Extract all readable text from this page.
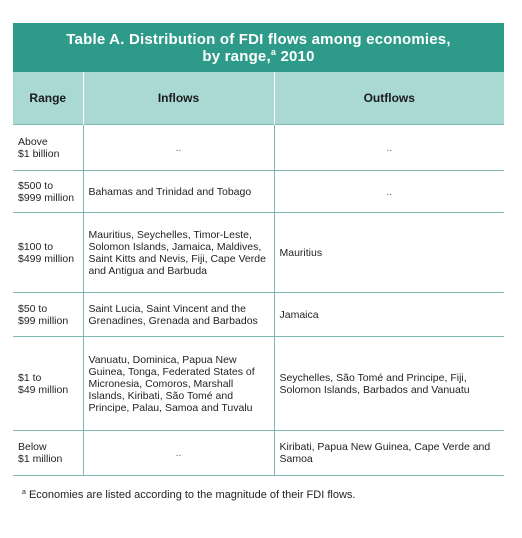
Table A. Distribution of FDI flows among economies,
by range,$^a$ 2010
Range	Inflows	Outflows
Above
$1 billion	..	..
$500 to
$999 million	Bahamas and Trinidad and Tobago	..
$100 to
$499 million	Mauritius, Seychelles, Timor-Leste, Solomon Islands, Jamaica, Maldives, Saint Kitts and Nevis, Fiji, Cape Verde and Antigua and Barbuda	Mauritius
$50 to
$99 million	Saint Lucia, Saint Vincent and the Grenadines, Grenada and Barbados	Jamaica
$1 to
$49 million	Vanuatu, Dominica, Papua New Guinea, Tonga, Federated States of Micronesia, Comoros, Marshall Islands, Kiribati, São Tomé and Principe, Palau, Samoa and Tuvalu	Seychelles, São Tomé and Principe, Fiji, Solomon Islands, Barbados and Vanuatu
Below
$1 million	..	Kiribati, Papua New Guinea, Cape Verde and Samoa
$^a$ Economies are listed according to the magnitude of their FDI flows.
